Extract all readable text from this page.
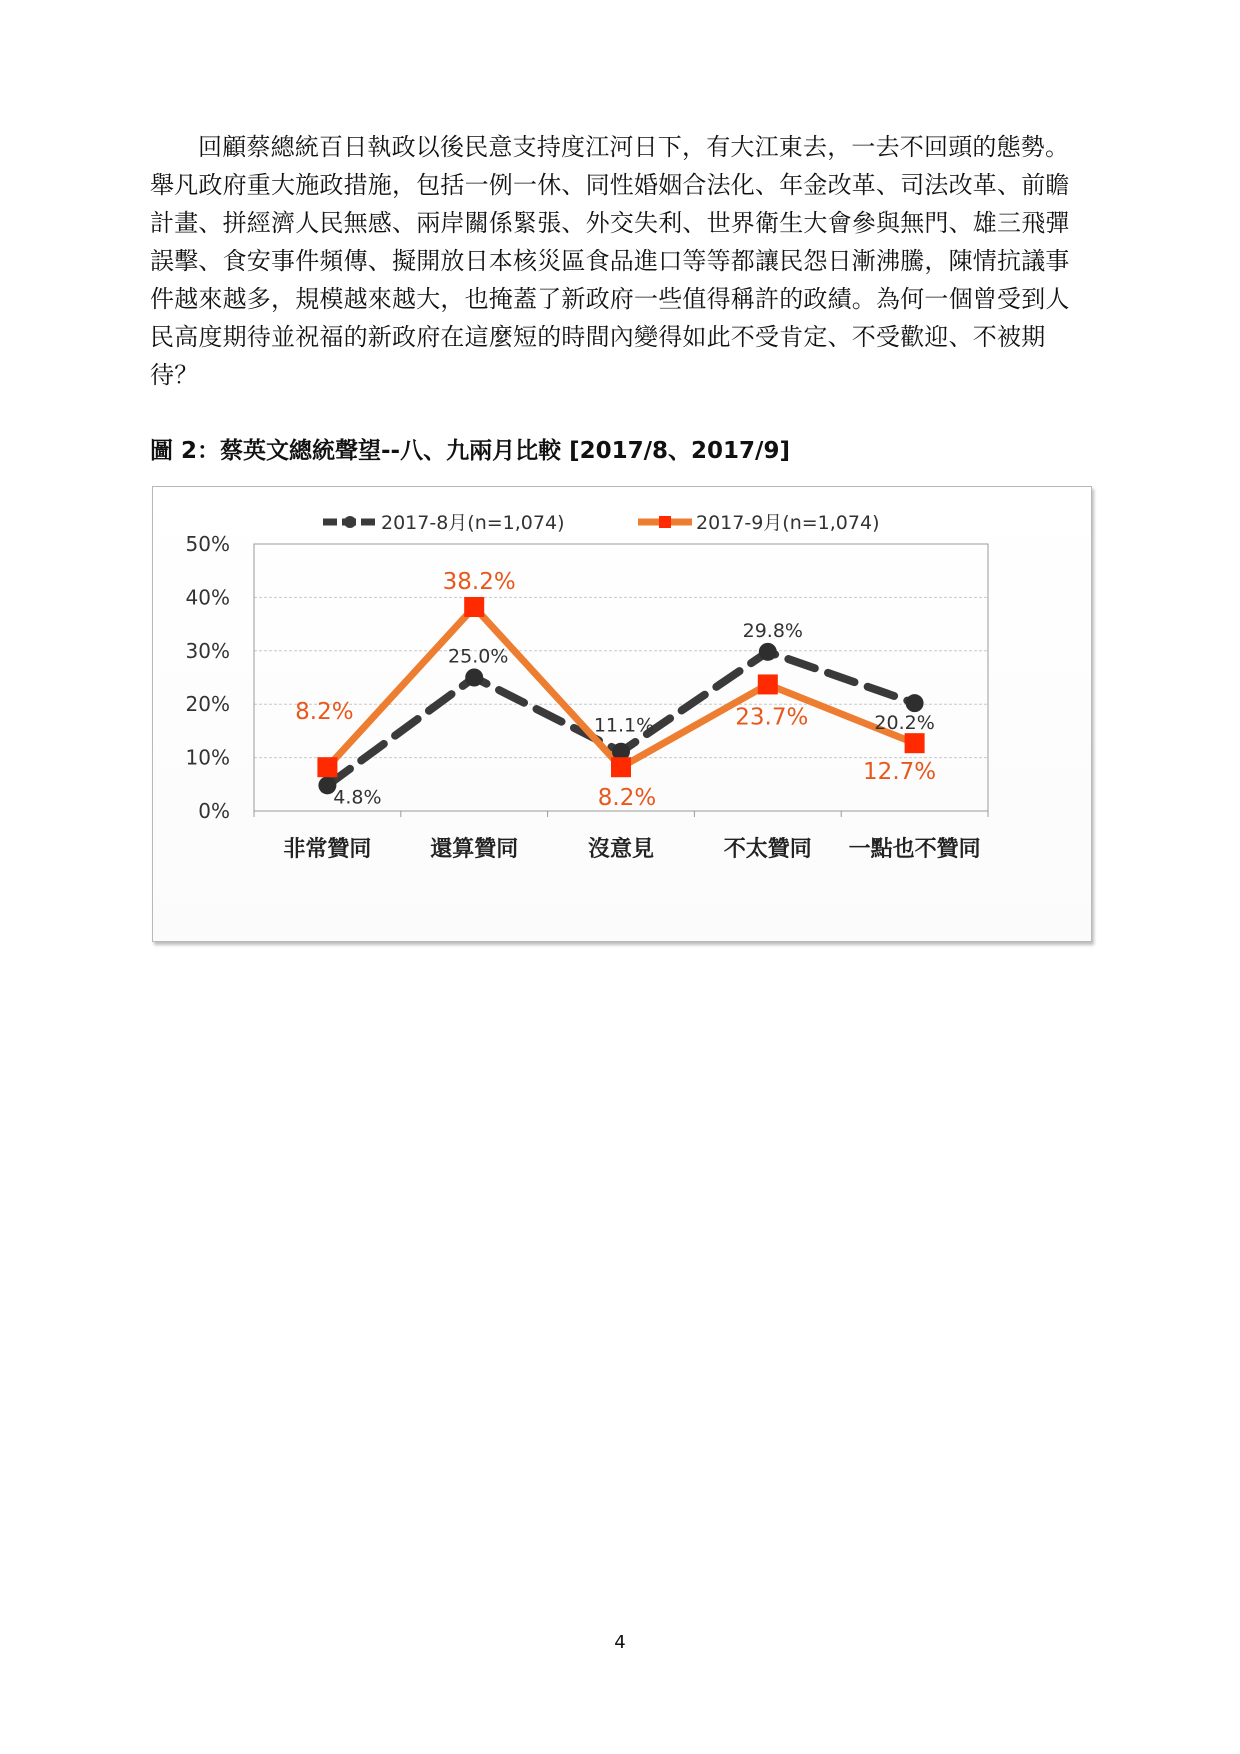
回顧蔡總統百日執政以後民意支持度江河日下，有大江東去，一去不回頭的態勢。舉凡政府重大施政措施，包括一例一休、同性婚姻合法化、年金改革、司法改革、前瞻計畫、拼經濟人民無感、兩岸關係緊張、外交失利、世界衛生大會參與無門、雄三飛彈誤擊、食安事件頻傳、擬開放日本核災區食品進口等等都讓民怨日漸沸騰，陳情抗議事件越來越多，規模越來越大，也掩蓋了新政府一些值得稱許的政績。為何一個曾受到人民高度期待並祝福的新政府在這麼短的時間內變得如此不受肯定、不受歡迎、不被期待？

圖 2：蔡英文總統聲望--八、九兩月比較 [2017/8、2017/9]

0%
10%
20%
30%
40%
50%
非常贊同	還算贊同	沒意見	不太贊同 一點也不贊同
2017-8月(n=1,074)	2017-9月(n=1,074)
4.8%
25.0%
11.1%
29.8%
20.2%
8.2%
38.2%
8.2%
23.7%
12.7%
4
